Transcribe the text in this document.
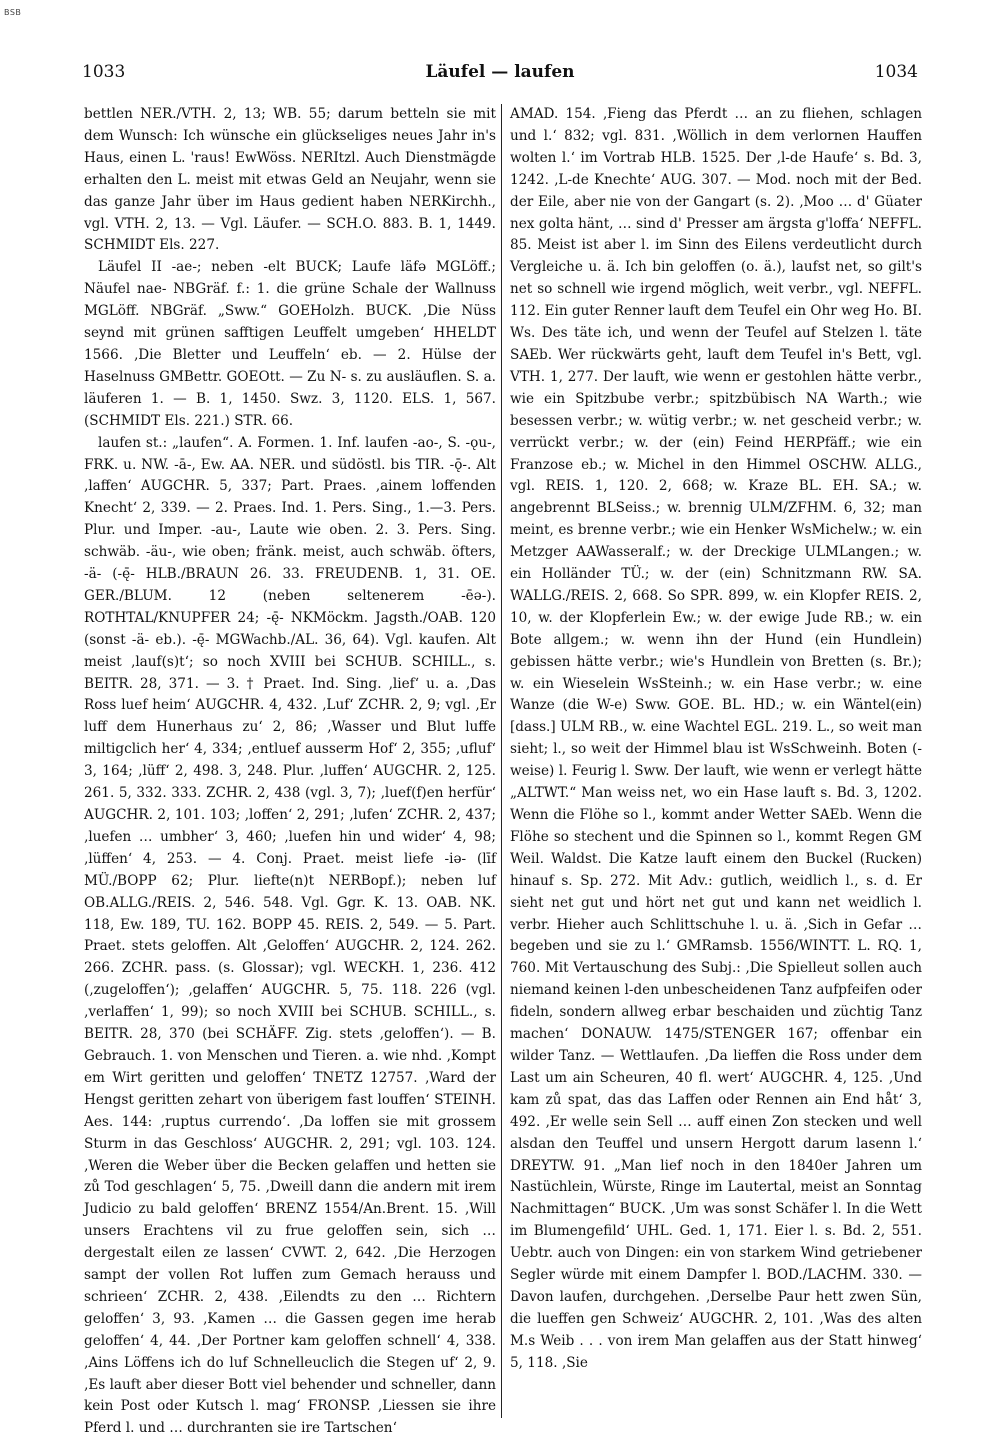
BSB
1033	Läufel — laufen	1034

bettlen NER./VTH. 2, 13; WB. 55; darum betteln sie mit dem Wunsch: Ich wünsche ein glückseliges neues Jahr in's Haus, einen L. 'raus! EwWöss. NERItzl. Auch Dienstmägde erhalten den L. meist mit etwas Geld an Neujahr, wenn sie das ganze Jahr über im Haus gedient haben NERKirchh., vgl. VTH. 2, 13. — Vgl. Läufer. — SCH.O. 883. B. 1, 1449. SCHMIDT Els. 227.

Läufel II -ae-; neben -elt BUCK; Laufe läfə MGLöff.; Näufel nae- NBGräf. f.: 1. die grüne Schale der Wallnuss MGLöff. NBGräf. „Sww.“ GOEHolzh. BUCK. ‚Die Nüss seynd mit grünen safftigen Leuffelt umgeben‘ HHELDT 1566. ‚Die Bletter und Leuffeln‘ eb. — 2. Hülse der Haselnuss GMBettr. GOEOtt. — Zu N- s. zu ausläuflen. S. a. läuferen 1. — B. 1, 1450. Swz. 3, 1120. ELS. 1, 567. (SCHMIDT Els. 221.) STR. 66.

laufen st.: „laufen“. A. Formen. 1. Inf. laufen -ao-, S. -ǫu-, FRK. u. NW. -ā-, Ew. AA. NER. und südöstl. bis TIR. -ǭ-. Alt ‚laffen‘ AUGCHR. 5, 337; Part. Praes. ‚ainem loffenden Knecht‘ 2, 339. — 2. Praes. Ind. 1. Pers. Sing., 1.—3. Pers. Plur. und Imper. -au-, Laute wie oben. 2. 3. Pers. Sing. schwäb. -äu-, wie oben; fränk. meist, auch schwäb. öfters, -ä- (-ę̄- HLB./BRAUN 26. 33. FREUDENB. 1, 31. OE. GER./BLUM. 12 (neben seltenerem -ēə-). ROTHTAL/KNUPFER 24; -ę̄- NKMöckm. Jagsth./OAB. 120 (sonst -ä- eb.). -ę̄- MGWachb./AL. 36, 64). Vgl. kaufen. Alt meist ‚lauf(s)t‘; so noch XVIII bei SCHUB. SCHILL., s. BEITR. 28, 371. — 3. † Praet. Ind. Sing. ‚lief‘ u. a. ‚Das Ross luef heim‘ AUGCHR. 4, 432. ‚Luf‘ ZCHR. 2, 9; vgl. ‚Er luff dem Hunerhaus zu‘ 2, 86; ‚Wasser und Blut luffe miltigclich her‘ 4, 334; ‚entluef ausserm Hof‘ 2, 355; ‚ufluf‘ 3, 164; ‚lüff‘ 2, 498. 3, 248. Plur. ‚luffen‘ AUGCHR. 2, 125. 261. 5, 332. 333. ZCHR. 2, 438 (vgl. 3, 7); ‚luef(f)en herfür‘ AUGCHR. 2, 101. 103; ‚loffen‘ 2, 291; ‚lufen‘ ZCHR. 2, 437; ‚luefen … umbher‘ 3, 460; ‚luefen hin und wider‘ 4, 98; ‚lüffen‘ 4, 253. — 4. Conj. Praet. meist liefe -iə- (līf MÜ./BOPP 62; Plur. liefte(n)t NERBopf.); neben luf OB.ALLG./REIS. 2, 546. 548. Vgl. Ggr. K. 13. OAB. NK. 118, Ew. 189, TU. 162. BOPP 45. REIS. 2, 549. — 5. Part. Praet. stets geloffen. Alt ‚Geloffen‘ AUGCHR. 2, 124. 262. 266. ZCHR. pass. (s. Glossar); vgl. WECKH. 1, 236. 412 (‚zugeloffen‘); ‚gelaffen‘ AUGCHR. 5, 75. 118. 226 (vgl. ‚verlaffen‘ 1, 99); so noch XVIII bei SCHUB. SCHILL., s. BEITR. 28, 370 (bei SCHÄFF. Zig. stets ‚geloffen‘). — B. Gebrauch. 1. von Menschen und Tieren. a. wie nhd. ‚Kompt em Wirt geritten und geloffen‘ TNETZ 12757. ‚Ward der Hengst geritten zehart von überigem fast louffen‘ STEINH. Aes. 144: ‚ruptus currendo‘. ‚Da loffen sie mit grossem Sturm in das Geschloss‘ AUGCHR. 2, 291; vgl. 103. 124. ‚Weren die Weber über die Becken gelaffen und hetten sie zů Tod geschlagen‘ 5, 75. ‚Dweill dann die andern mit irem Judicio zu bald geloffen‘ BRENZ 1554/An.Brent. 15. ‚Will unsers Erachtens vil zu frue geloffen sein, sich … dergestalt eilen ze lassen‘ CVWT. 2, 642. ‚Die Herzogen sampt der vollen Rot luffen zum Gemach herauss und schrieen‘ ZCHR. 2, 438. ‚Eilendts zu den … Richtern geloffen‘ 3, 93. ‚Kamen … die Gassen gegen ime herab geloffen‘ 4, 44. ‚Der Portner kam geloffen schnell‘ 4, 338. ‚Ains Löffens ich do luf Schnelleuclich die Stegen uf‘ 2, 9. ‚Es lauft aber dieser Bott viel behender und schneller, dann kein Post oder Kutsch l. mag‘ FRONSP. ‚Liessen sie ihre Pferd l. und … durchranten sie ire Tartschen‘

AMAD. 154. ‚Fieng das Pferdt … an zu fliehen, schlagen und l.‘ 832; vgl. 831. ‚Wöllich in dem verlornen Hauffen wolten l.‘ im Vortrab HLB. 1525. Der ‚l-de Haufe‘ s. Bd. 3, 1242. ‚L-de Knechte‘ AUG. 307. — Mod. noch mit der Bed. der Eile, aber nie von der Gangart (s. 2). ‚Moo … d' Güater nex golta hänt, … sind d' Presser am ärgsta g'loffa‘ NEFFL. 85. Meist ist aber l. im Sinn des Eilens verdeutlicht durch Vergleiche u. ä. Ich bin geloffen (o. ä.), laufst net, so gilt's net so schnell wie irgend möglich, weit verbr., vgl. NEFFL. 112. Ein guter Renner lauft dem Teufel ein Ohr weg Ho. BI. Ws. Des täte ich, und wenn der Teufel auf Stelzen l. täte SAEb. Wer rückwärts geht, lauft dem Teufel in's Bett, vgl. VTH. 1, 277. Der lauft, wie wenn er gestohlen hätte verbr., wie ein Spitzbube verbr.; spitzbübisch NA Warth.; wie besessen verbr.; w. wütig verbr.; w. net gescheid verbr.; w. verrückt verbr.; w. der (ein) Feind HERPfäff.; wie ein Franzose eb.; w. Michel in den Himmel OSCHW. ALLG., vgl. REIS. 1, 120. 2, 668; w. Kraze BL. EH. SA.; w. angebrennt BLSeiss.; w. brennig ULM/ZFHM. 6, 32; man meint, es brenne verbr.; wie ein Henker WsMichelw.; w. ein Metzger AAWasseralf.; w. der Dreckige ULMLangen.; w. ein Holländer TÜ.; w. der (ein) Schnitzmann RW. SA. WALLG./REIS. 2, 668. So SPR. 899, w. ein Klopfer REIS. 2, 10, w. der Klopferlein Ew.; w. der ewige Jude RB.; w. ein Bote allgem.; w. wenn ihn der Hund (ein Hundlein) gebissen hätte verbr.; wie's Hundlein von Bretten (s. Br.); w. ein Wieselein WsSteinh.; w. ein Hase verbr.; w. eine Wanze (die W-e) Sww. GOE. BL. HD.; w. ein Wäntel(ein) [dass.] ULM RB., w. eine Wachtel EGL. 219. L., so weit man sieht; l., so weit der Himmel blau ist WsSchweinh. Boten (-weise) l. Feurig l. Sww. Der lauft, wie wenn er verlegt hätte „ALTWT.“ Man weiss net, wo ein Hase lauft s. Bd. 3, 1202. Wenn die Flöhe so l., kommt ander Wetter SAEb. Wenn die Flöhe so stechent und die Spinnen so l., kommt Regen GM Weil. Waldst. Die Katze lauft einem den Buckel (Rucken) hinauf s. Sp. 272. Mit Adv.: gutlich, weidlich l., s. d. Er sieht net gut und hört net gut und kann net weidlich l. verbr. Hieher auch Schlittschuhe l. u. ä. ‚Sich in Gefar … begeben und sie zu l.‘ GMRamsb. 1556/WINTT. L. RQ. 1, 760. Mit Vertauschung des Subj.: ‚Die Spielleut sollen auch niemand keinen l-den unbescheidenen Tanz aufpfeifen oder fideln, sondern allweg erbar beschaiden und züchtig Tanz machen‘ DONAUW. 1475/STENGER 167; offenbar ein wilder Tanz. — Wettlaufen. ‚Da lieffen die Ross under dem Last um ain Scheuren, 40 fl. wert‘ AUGCHR. 4, 125. ‚Und kam zů spat, das das Laffen oder Rennen ain End håt‘ 3, 492. ‚Er welle sein Sell … auff einen Zon stecken und well alsdan den Teuffel und unsern Hergott darum lasenn l.‘ DREYTW. 91. „Man lief noch in den 1840er Jahren um Nastüchlein, Würste, Ringe im Lautertal, meist an Sonntag Nachmittagen“ BUCK. ‚Um was sonst Schäfer l. In die Wett im Blumengefild‘ UHL. Ged. 1, 171. Eier l. s. Bd. 2, 551. Uebtr. auch von Dingen: ein von starkem Wind getriebener Segler würde mit einem Dampfer l. BOD./LACHM. 330. — Davon laufen, durchgehen. ‚Derselbe Paur hett zwen Sün, die lueffen gen Schweiz‘ AUGCHR. 2, 101. ‚Was des alten M.s Weib . . . von irem Man gelaffen aus der Statt hinweg‘ 5, 118. ‚Sie
